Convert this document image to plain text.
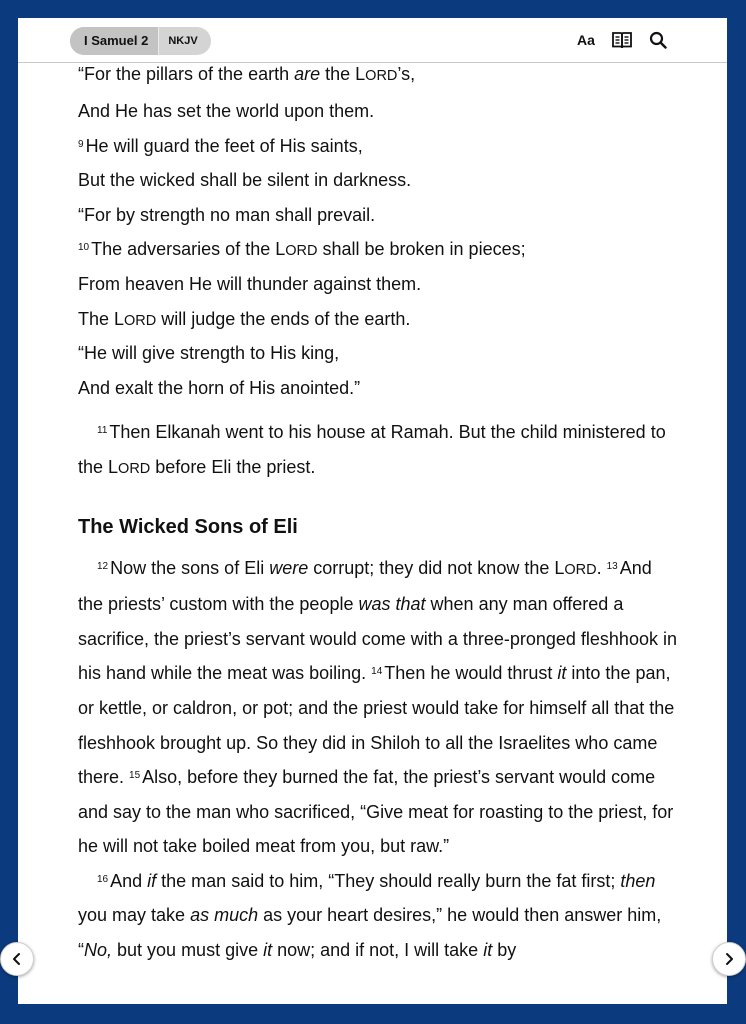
I Samuel 2	NKJV	Aa
“For the pillars of the earth are the LORD’s,
And He has set the world upon them.
$^9$ He will guard the feet of His saints,
But the wicked shall be silent in darkness.
“For by strength no man shall prevail.
$^{10}$ The adversaries of the LORD shall be broken in pieces;
From heaven He will thunder against them.
The LORD will judge the ends of the earth.
“He will give strength to His king,
And exalt the horn of His anointed.”
$^{11}$ Then Elkanah went to his house at Ramah. But the child ministered to the LORD before Eli the priest.
The Wicked Sons of Eli
$^{12}$ Now the sons of Eli were corrupt; they did not know the LORD. $^{13}$ And the priests’ custom with the people was that when any man offered a sacrifice, the priest’s servant would come with a three-pronged fleshhook in his hand while the meat was boiling. $^{14}$ Then he would thrust it into the pan, or kettle, or caldron, or pot; and the priest would take for himself all that the fleshhook brought up. So they did in Shiloh to all the Israelites who came there. $^{15}$ Also, before they burned the fat, the priest’s servant would come and say to the man who sacrificed, “Give meat for roasting to the priest, for he will not take boiled meat from you, but raw.”
$^{16}$ And if the man said to him, “They should really burn the fat first; then you may take as much as your heart desires,” he would then answer him, “No, but you must give it now; and if not, I will take it by
